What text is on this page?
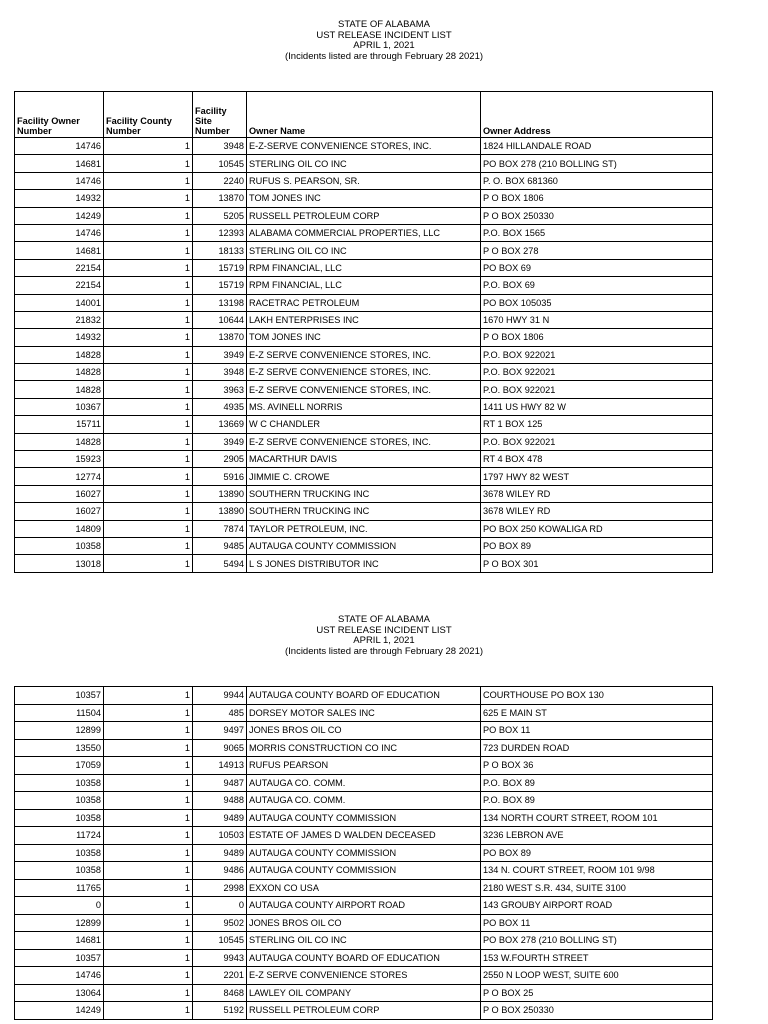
STATE OF ALABAMA
UST RELEASE INCIDENT LIST
APRIL 1, 2021
(Incidents listed are through February 28 2021)
Facility Owner Number	Facility County Number	Facility Site Number	Owner Name	Owner Address
14746	1	3948	E-Z-SERVE CONVENIENCE STORES, INC.	1824 HILLANDALE ROAD
14681	1	10545	STERLING OIL CO INC	PO BOX 278 (210 BOLLING ST)
14746	1	2240	RUFUS S. PEARSON, SR.	P. O. BOX 681360
14932	1	13870	TOM JONES INC	P O BOX 1806
14249	1	5205	RUSSELL PETROLEUM CORP	P O BOX 250330
14746	1	12393	ALABAMA COMMERCIAL PROPERTIES, LLC	P.O. BOX 1565
14681	1	18133	STERLING OIL CO INC	P O BOX 278
22154	1	15719	RPM FINANCIAL, LLC	PO BOX 69
22154	1	15719	RPM FINANCIAL, LLC	P.O. BOX 69
14001	1	13198	RACETRAC PETROLEUM	PO BOX 105035
21832	1	10644	LAKH ENTERPRISES INC	1670 HWY 31 N
14932	1	13870	TOM JONES INC	P O BOX 1806
14828	1	3949	E-Z SERVE CONVENIENCE STORES, INC.	P.O. BOX 922021
14828	1	3948	E-Z SERVE CONVENIENCE STORES, INC.	P.O. BOX 922021
14828	1	3963	E-Z SERVE CONVENIENCE STORES, INC.	P.O. BOX 922021
10367	1	4935	MS. AVINELL NORRIS	1411 US HWY 82 W
15711	1	13669	W C CHANDLER	RT 1 BOX 125
14828	1	3949	E-Z SERVE CONVENIENCE STORES, INC.	P.O. BOX 922021
15923	1	2905	MACARTHUR DAVIS	RT 4 BOX 478
12774	1	5916	JIMMIE C. CROWE	1797 HWY 82 WEST
16027	1	13890	SOUTHERN TRUCKING INC	3678 WILEY RD
16027	1	13890	SOUTHERN TRUCKING INC	3678 WILEY RD
14809	1	7874	TAYLOR PETROLEUM, INC.	PO BOX 250 KOWALIGA RD
10358	1	9485	AUTAUGA COUNTY COMMISSION	PO BOX 89
13018	1	5494	L S JONES DISTRIBUTOR INC	P O BOX 301
STATE OF ALABAMA
UST RELEASE INCIDENT LIST
APRIL 1, 2021
(Incidents listed are through February 28 2021)
10357	1	9944	AUTAUGA COUNTY BOARD OF EDUCATION	COURTHOUSE PO BOX 130
11504	1	485	DORSEY MOTOR SALES INC	625 E MAIN ST
12899	1	9497	JONES BROS OIL CO	PO BOX 11
13550	1	9065	MORRIS CONSTRUCTION CO INC	723 DURDEN ROAD
17059	1	14913	RUFUS PEARSON	P O BOX 36
10358	1	9487	AUTAUGA CO. COMM.	P.O. BOX 89
10358	1	9488	AUTAUGA CO. COMM.	P.O. BOX 89
10358	1	9489	AUTAUGA COUNTY COMMISSION	134 NORTH COURT STREET, ROOM 101
11724	1	10503	ESTATE OF JAMES D WALDEN DECEASED	3236 LEBRON AVE
10358	1	9489	AUTAUGA COUNTY COMMISSION	PO BOX 89
10358	1	9486	AUTAUGA COUNTY COMMISSION	134 N. COURT STREET, ROOM 101 9/98
11765	1	2998	EXXON CO USA	2180 WEST S.R. 434, SUITE 3100
0	1	0	AUTAUGA COUNTY AIRPORT ROAD	143 GROUBY AIRPORT ROAD
12899	1	9502	JONES BROS OIL CO	PO BOX 11
14681	1	10545	STERLING OIL CO INC	PO BOX 278 (210 BOLLING ST)
10357	1	9943	AUTAUGA COUNTY BOARD OF EDUCATION	153 W.FOURTH STREET
14746	1	2201	E-Z SERVE CONVENIENCE STORES	2550 N LOOP WEST, SUITE 600
13064	1	8468	LAWLEY OIL COMPANY	P O BOX 25
14249	1	5192	RUSSELL PETROLEUM CORP	P O BOX 250330
